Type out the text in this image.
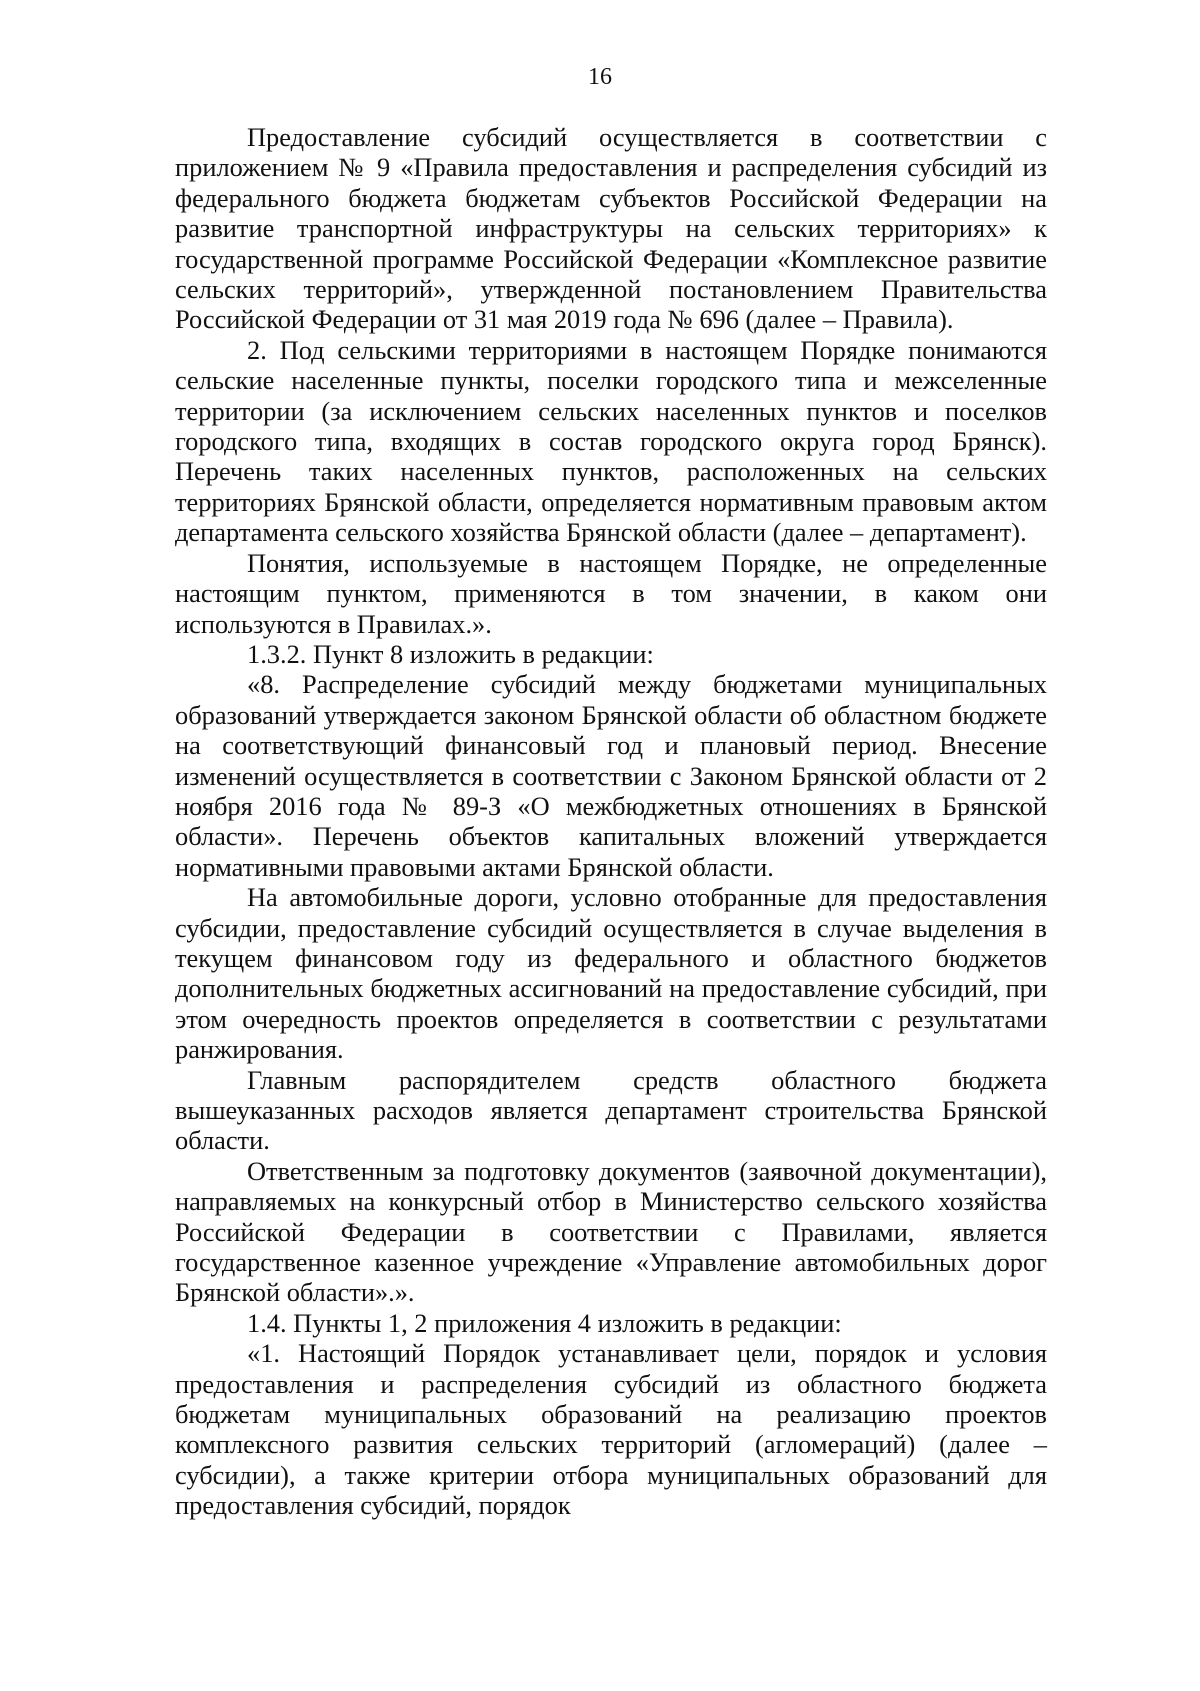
16

Предоставление субсидий осуществляется в соответствии с приложением № 9 «Правила предоставления и распределения субсидий из федерального бюджета бюджетам субъектов Российской Федерации на развитие транспортной инфраструктуры на сельских территориях» к государственной программе Российской Федерации «Комплексное развитие сельских территорий», утвержденной постановлением Правительства Российской Федерации от 31 мая 2019 года № 696 (далее – Правила).

2. Под сельскими территориями в настоящем Порядке понимаются сельские населенные пункты, поселки городского типа и межселенные территории (за исключением сельских населенных пунктов и поселков городского типа, входящих в состав городского округа город Брянск). Перечень таких населенных пунктов, расположенных на сельских территориях Брянской области, определяется нормативным правовым актом департамента сельского хозяйства Брянской области (далее – департамент).

Понятия, используемые в настоящем Порядке, не определенные настоящим пунктом, применяются в том значении, в каком они используются в Правилах.».

1.3.2. Пункт 8 изложить в редакции:

«8. Распределение субсидий между бюджетами муниципальных образований утверждается законом Брянской области об областном бюджете на соответствующий финансовый год и плановый период. Внесение изменений осуществляется в соответствии с Законом Брянской области от 2 ноября 2016 года № 89-З «О межбюджетных отношениях в Брянской области». Перечень объектов капитальных вложений утверждается нормативными правовыми актами Брянской области.

На автомобильные дороги, условно отобранные для предоставления субсидии, предоставление субсидий осуществляется в случае выделения в текущем финансовом году из федерального и областного бюджетов дополнительных бюджетных ассигнований на предоставление субсидий, при этом очередность проектов определяется в соответствии с результатами ранжирования.

Главным распорядителем средств областного бюджета вышеуказанных расходов является департамент строительства Брянской области.

Ответственным за подготовку документов (заявочной документации), направляемых на конкурсный отбор в Министерство сельского хозяйства Российской Федерации в соответствии с Правилами, является государственное казенное учреждение «Управление автомобильных дорог Брянской области».».

1.4. Пункты 1, 2 приложения 4 изложить в редакции:

«1. Настоящий Порядок устанавливает цели, порядок и условия предоставления и распределения субсидий из областного бюджета бюджетам муниципальных образований на реализацию проектов комплексного развития сельских территорий (агломераций) (далее – субсидии), а также критерии отбора муниципальных образований для предоставления субсидий, порядок
